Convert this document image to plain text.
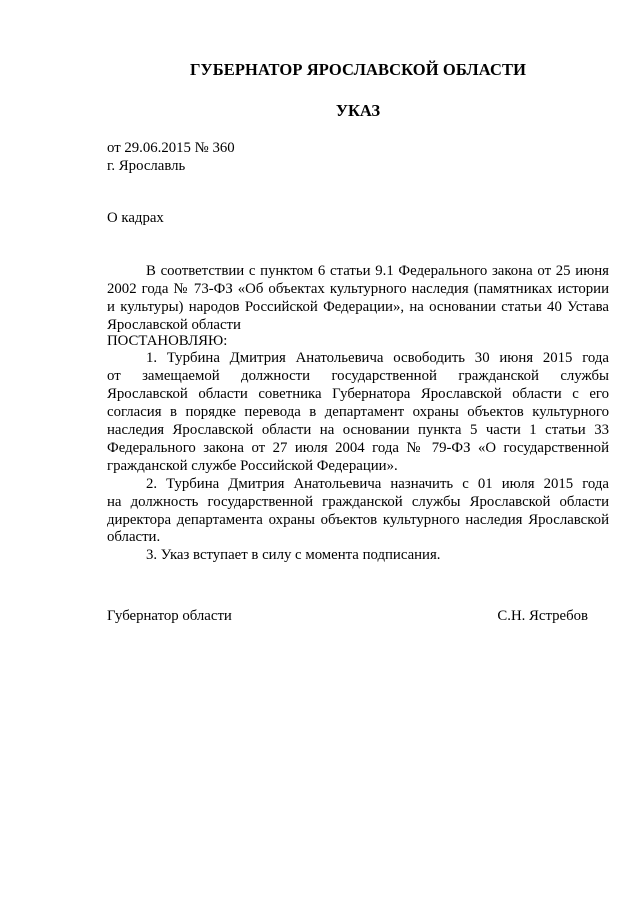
ГУБЕРНАТОР ЯРОСЛАВСКОЙ ОБЛАСТИ
УКАЗ
от 29.06.2015 № 360
г. Ярославль
О кадрах
В соответствии с пунктом 6 статьи 9.1 Федерального закона от 25 июня
2002 года № 73-ФЗ «Об объектах культурного наследия (памятниках истории
и культуры) народов Российской Федерации», на основании статьи 40 Устава
Ярославской области
ПОСТАНОВЛЯЮ:
1. Турбина Дмитрия Анатольевича освободить 30 июня 2015 года
от замещаемой должности государственной гражданской службы
Ярославской области советника Губернатора Ярославской области с его
согласия в порядке перевода в департамент охраны объектов культурного
наследия Ярославской области на основании пункта 5 части 1 статьи 33
Федерального закона от 27 июля 2004 года № 79-ФЗ «О государственной
гражданской службе Российской Федерации».
2. Турбина Дмитрия Анатольевича назначить с 01 июля 2015 года
на должность государственной гражданской службы Ярославской области
директора департамента охраны объектов культурного наследия Ярославской
области.
3. Указ вступает в силу с момента подписания.
Губернатор области	С.Н. Ястребов
